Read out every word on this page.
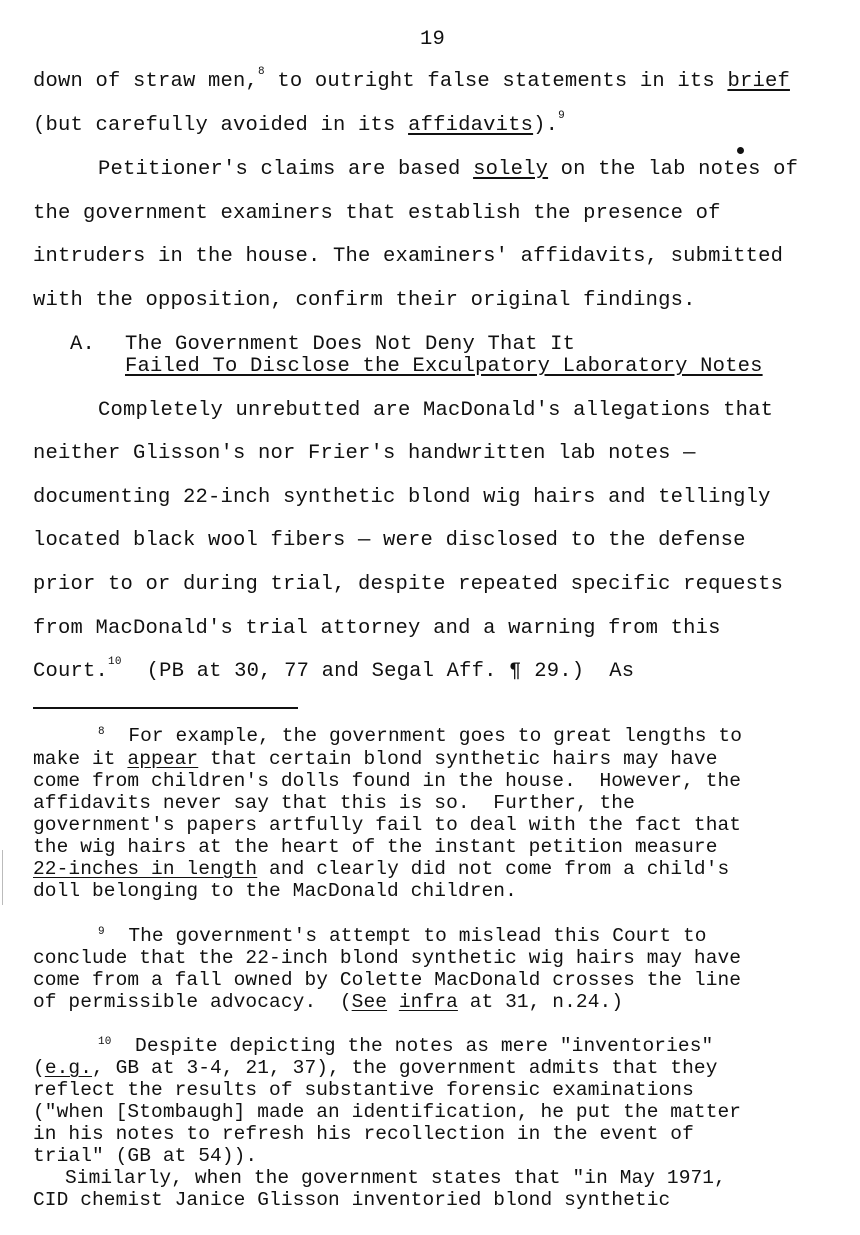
19
down of straw men,$^8$ to outright false statements in its brief
(but carefully avoided in its affidavits).$^9$
Petitioner's claims are based solely on the lab notes of
the government examiners that establish the presence of
intruders in the house. The examiners' affidavits, submitted
with the opposition, confirm their original findings.
A. The Government Does Not Deny That It
Failed To Disclose the Exculpatory Laboratory Notes
Completely unrebutted are MacDonald's allegations that
neither Glisson's nor Frier's handwritten lab notes —
documenting 22-inch synthetic blond wig hairs and tellingly
located black wool fibers — were disclosed to the defense
prior to or during trial, despite repeated specific requests
from MacDonald's trial attorney and a warning from this
Court.$^{10}$  (PB at 30, 77 and Segal Aff. ¶ 29.)  As
$^8$ For example, the government goes to great lengths to
make it appear that certain blond synthetic hairs may have
come from children's dolls found in the house.  However, the
affidavits never say that this is so.  Further, the
government's papers artfully fail to deal with the fact that
the wig hairs at the heart of the instant petition measure
22-inches in length and clearly did not come from a child's
doll belonging to the MacDonald children.
$^9$ The government's attempt to mislead this Court to
conclude that the 22-inch blond synthetic wig hairs may have
come from a fall owned by Colette MacDonald crosses the line
of permissible advocacy.  (See infra at 31, n.24.)
$^{10}$ Despite depicting the notes as mere "inventories"
(e.g., GB at 3-4, 21, 37), the government admits that they
reflect the results of substantive forensic examinations
("when [Stombaugh] made an identification, he put the matter
in his notes to refresh his recollection in the event of
trial" (GB at 54)).
Similarly, when the government states that "in May 1971,
CID chemist Janice Glisson inventoried blond synthetic
